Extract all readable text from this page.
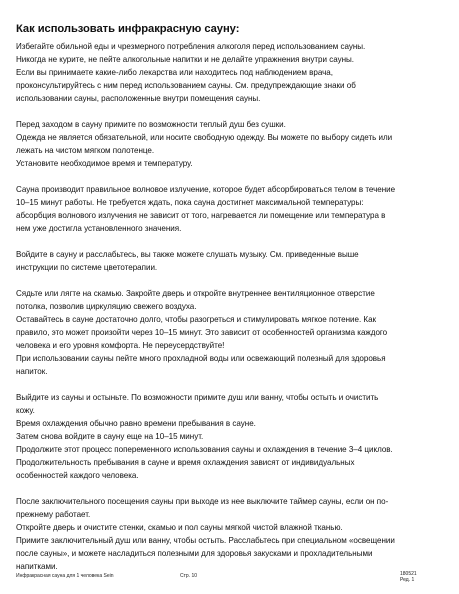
Как использовать инфракрасную сауну:

Избегайте обильной еды и чрезмерного потребления алкоголя перед использованием сауны.

Никогда не курите, не пейте алкогольные напитки и не делайте упражнения внутри сауны.

Если вы принимаете какие-либо лекарства или находитесь под наблюдением врача,

проконсультируйтесь с ним перед использованием сауны. См. предупреждающие знаки об

использовании сауны, расположенные внутри помещения сауны.

Перед заходом в сауну примите по возможности теплый душ без сушки.

Одежда не является обязательной, или носите свободную одежду. Вы можете по выбору сидеть или

лежать на чистом мягком полотенце.

Установите необходимое время и температуру.

Сауна производит правильное волновое излучение, которое будет абсорбироваться телом в течение

10–15 минут работы. Не требуется ждать, пока сауна достигнет максимальной температуры:

абсорбция волнового излучения не зависит от того, нагревается ли помещение или температура в

нем уже достигла установленного значения.

Войдите в сауну и расслабьтесь, вы также можете слушать музыку. См. приведенные выше

инструкции по системе цветотерапии.

Сядьте или лягте на скамью. Закройте дверь и откройте внутреннее вентиляционное отверстие

потолка, позволив циркуляцию свежего воздуха.

Оставайтесь в сауне достаточно долго, чтобы разогреться и стимулировать мягкое потение. Как

правило, это может произойти через 10–15 минут. Это зависит от особенностей организма каждого

человека и его уровня комфорта. Не переусердствуйте!

При использовании сауны пейте много прохладной воды или освежающий полезный для здоровья

напиток.

Выйдите из сауны и остыньте. По возможности примите душ или ванну, чтобы остыть и очистить

кожу.

Время охлаждения обычно равно времени пребывания в сауне.

Затем снова войдите в сауну еще на 10–15 минут.

Продолжите этот процесс попеременного использования сауны и охлаждения в течение 3–4 циклов.

Продолжительность пребывания в сауне и время охлаждения зависят от индивидуальных

особенностей каждого человека.

После заключительного посещения сауны при выходе из нее выключите таймер сауны, если он по-

прежнему работает.

Откройте дверь и очистите стенки, скамью и пол сауны мягкой чистой влажной тканью.

Примите заключительный душ или ванну, чтобы остыть. Расслабьтесь при специальном «освещении

после сауны», и можете насладиться полезными для здоровья закусками и прохладительными

напитками.

Инфракрасная сауна для 1 человека Sein	Стр. 10	180521
Ред. 1
